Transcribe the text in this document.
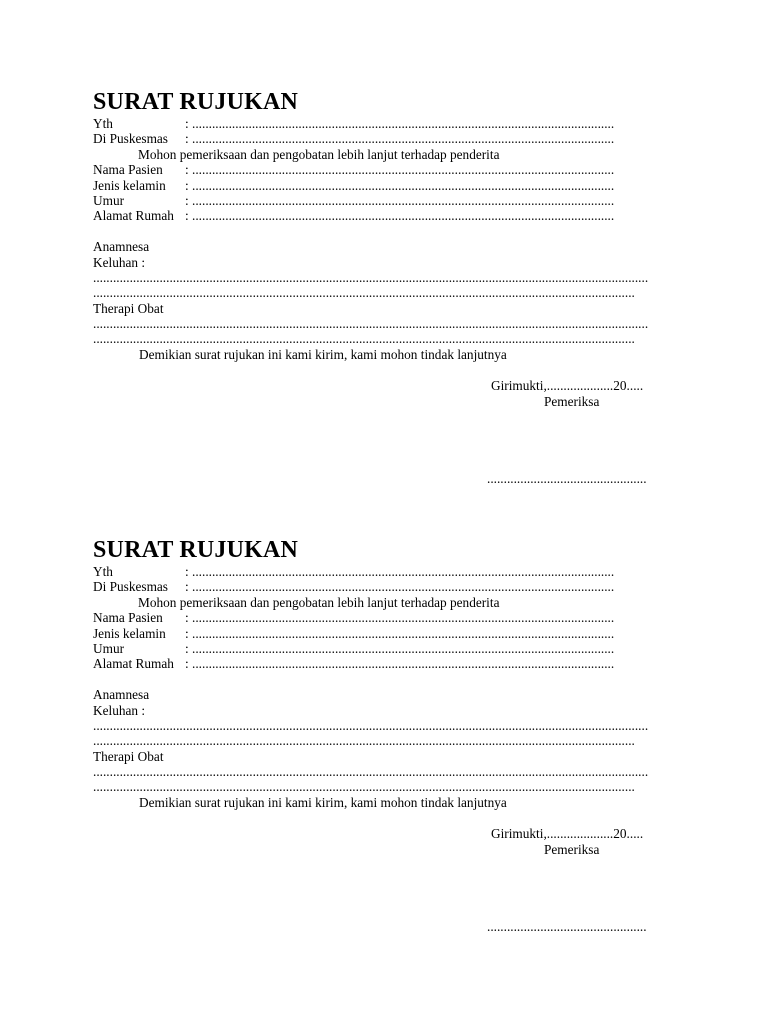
SURAT RUJUKAN
Yth	: ...............................................................................................................................
Di Puskesmas	: ...............................................................................................................................
Mohon pemeriksaan dan pengobatan lebih lanjut terhadap penderita
Nama Pasien	: ...............................................................................................................................
Jenis kelamin	: ...............................................................................................................................
Umur	: ...............................................................................................................................
Alamat Rumah : ...............................................................................................................................
Anamnesa
Keluhan :
.......................................................................................................................................................................
...................................................................................................................................................................
Therapi Obat
.......................................................................................................................................................................
...................................................................................................................................................................
Demikian surat rujukan ini kami kirim, kami mohon tindak lanjutnya
Girimukti,....................20.....
Pemeriksa
................................................
SURAT RUJUKAN
Yth	: ...............................................................................................................................
Di Puskesmas	: ...............................................................................................................................
Mohon pemeriksaan dan pengobatan lebih lanjut terhadap penderita
Nama Pasien	: ...............................................................................................................................
Jenis kelamin	: ...............................................................................................................................
Umur	: ...............................................................................................................................
Alamat Rumah : ...............................................................................................................................
Anamnesa
Keluhan :
.......................................................................................................................................................................
...................................................................................................................................................................
Therapi Obat
.......................................................................................................................................................................
...................................................................................................................................................................
Demikian surat rujukan ini kami kirim, kami mohon tindak lanjutnya
Girimukti,....................20.....
Pemeriksa
................................................
